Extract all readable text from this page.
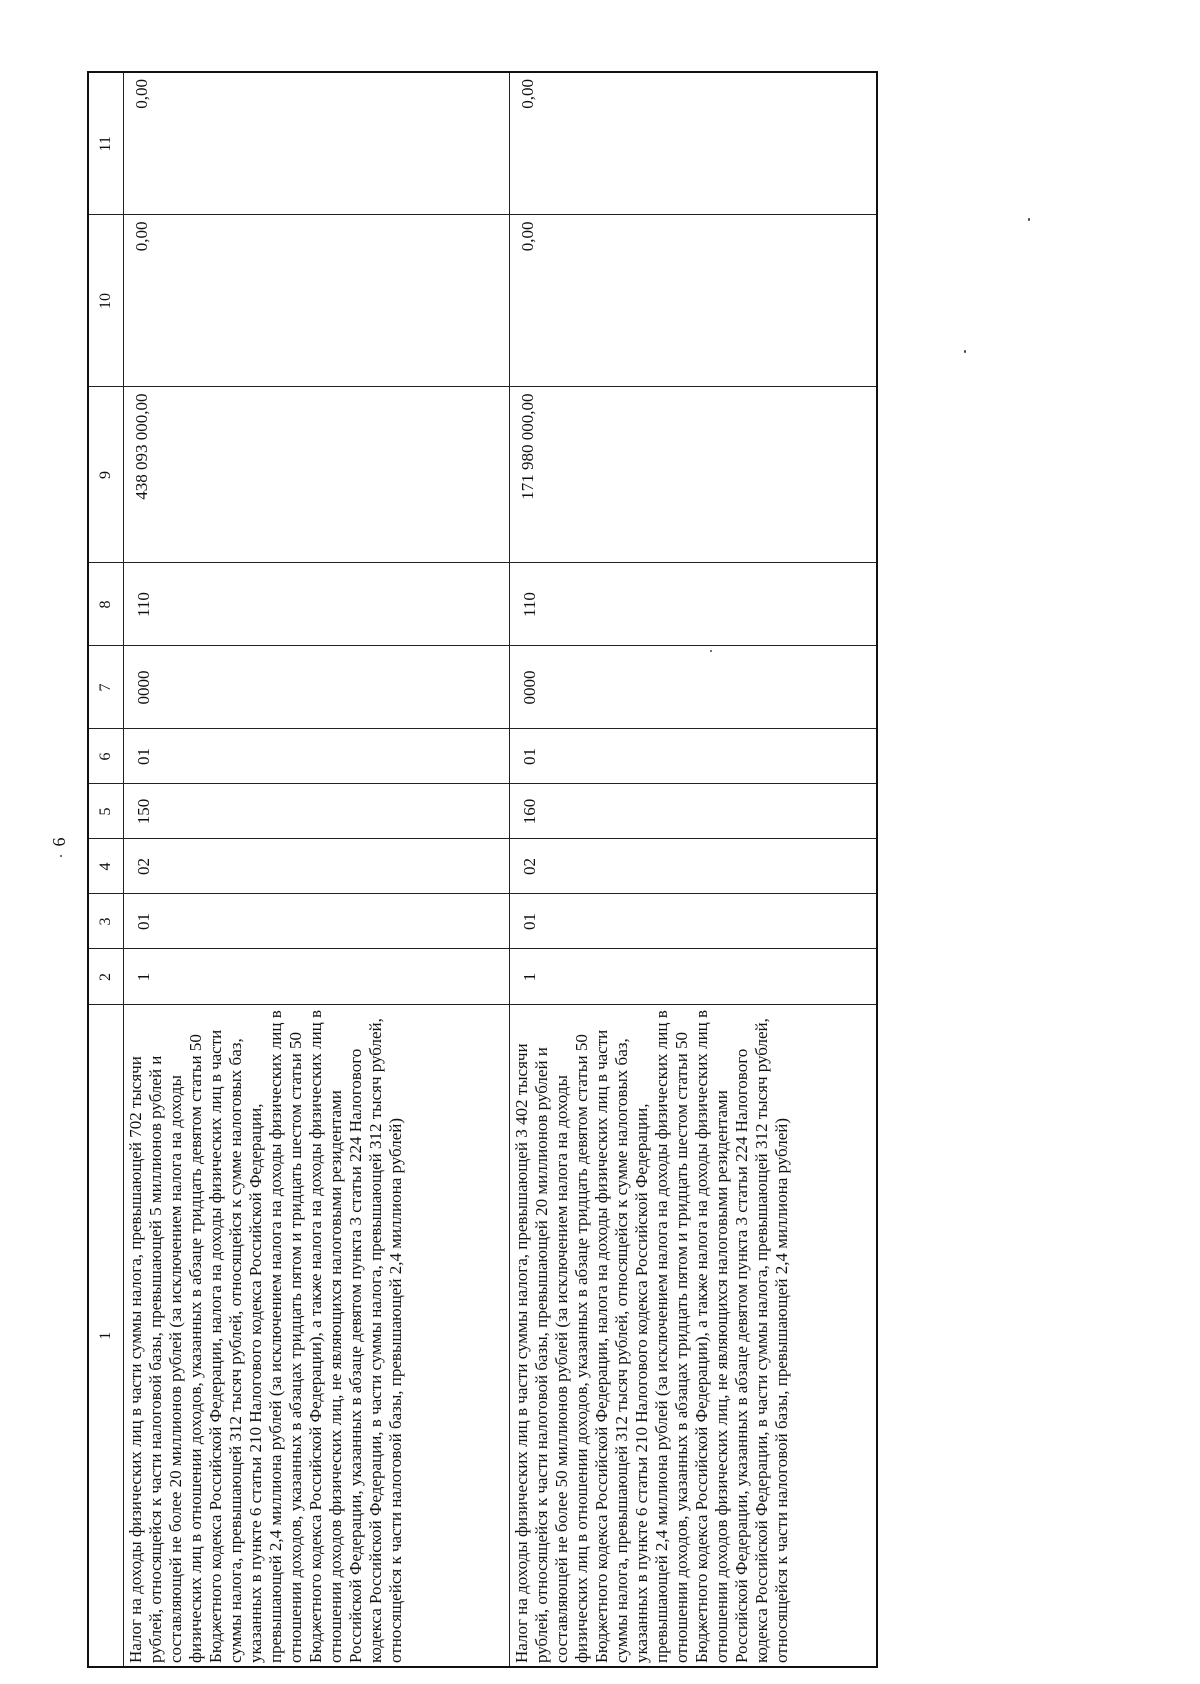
6
1	2	3	4	5	6	7	8	9	10	11
Налог на доходы физических лиц в части суммы налога, превышающей 702 тысячи рублей, относящейся к части налоговой базы, превышающей 5 миллионов рублей и составляющей не более 20 миллионов рублей (за исключением налога на доходы физических лиц в отношении доходов, указанных в абзаце тридцать девятом статьи 50 Бюджетного кодекса Российской Федерации, налога на доходы физических лиц в части суммы налога, превышающей 312 тысяч рублей, относящейся к сумме налоговых баз, указанных в пункте 6 статьи 210 Налогового кодекса Российской Федерации, превышающей 2,4 миллиона рублей (за исключением налога на доходы физических лиц в отношении доходов, указанных в абзацах тридцать пятом и тридцать шестом статьи 50 Бюджетного кодекса Российской Федерации), а также налога на доходы физических лиц в отношении доходов физических лиц, не являющихся налоговыми резидентами Российской Федерации, указанных в абзаце девятом пункта 3 статьи 224 Налогового кодекса Российской Федерации, в части суммы налога, превышающей 312 тысяч рублей, относящейся к части налоговой базы, превышающей 2,4 миллиона рублей)	1	01	02	150	01	0000	110	438 093 000,00	0,00	0,00
Налог на доходы физических лиц в части суммы налога, превышающей 3 402 тысячи рублей, относящейся к части налоговой базы, превышающей 20 миллионов рублей и составляющей не более 50 миллионов рублей (за исключением налога на доходы физических лиц в отношении доходов, указанных в абзаце тридцать девятом статьи 50 Бюджетного кодекса Российской Федерации, налога на доходы физических лиц в части суммы налога, превышающей 312 тысяч рублей, относящейся к сумме налоговых баз, указанных в пункте 6 статьи 210 Налогового кодекса Российской Федерации, превышающей 2,4 миллиона рублей (за исключением налога на доходы физических лиц в отношении доходов, указанных в абзацах тридцать пятом и тридцать шестом статьи 50 Бюджетного кодекса Российской Федерации), а также налога на доходы физических лиц в отношении доходов физических лиц, не являющихся налоговыми резидентами Российской Федерации, указанных в абзаце девятом пункта 3 статьи 224 Налогового кодекса Российской Федерации, в части суммы налога, превышающей 312 тысяч рублей, относящейся к части налоговой базы, превышающей 2,4 миллиона рублей)	1	01	02	160	01	0000	110	171 980 000,00	0,00	0,00
